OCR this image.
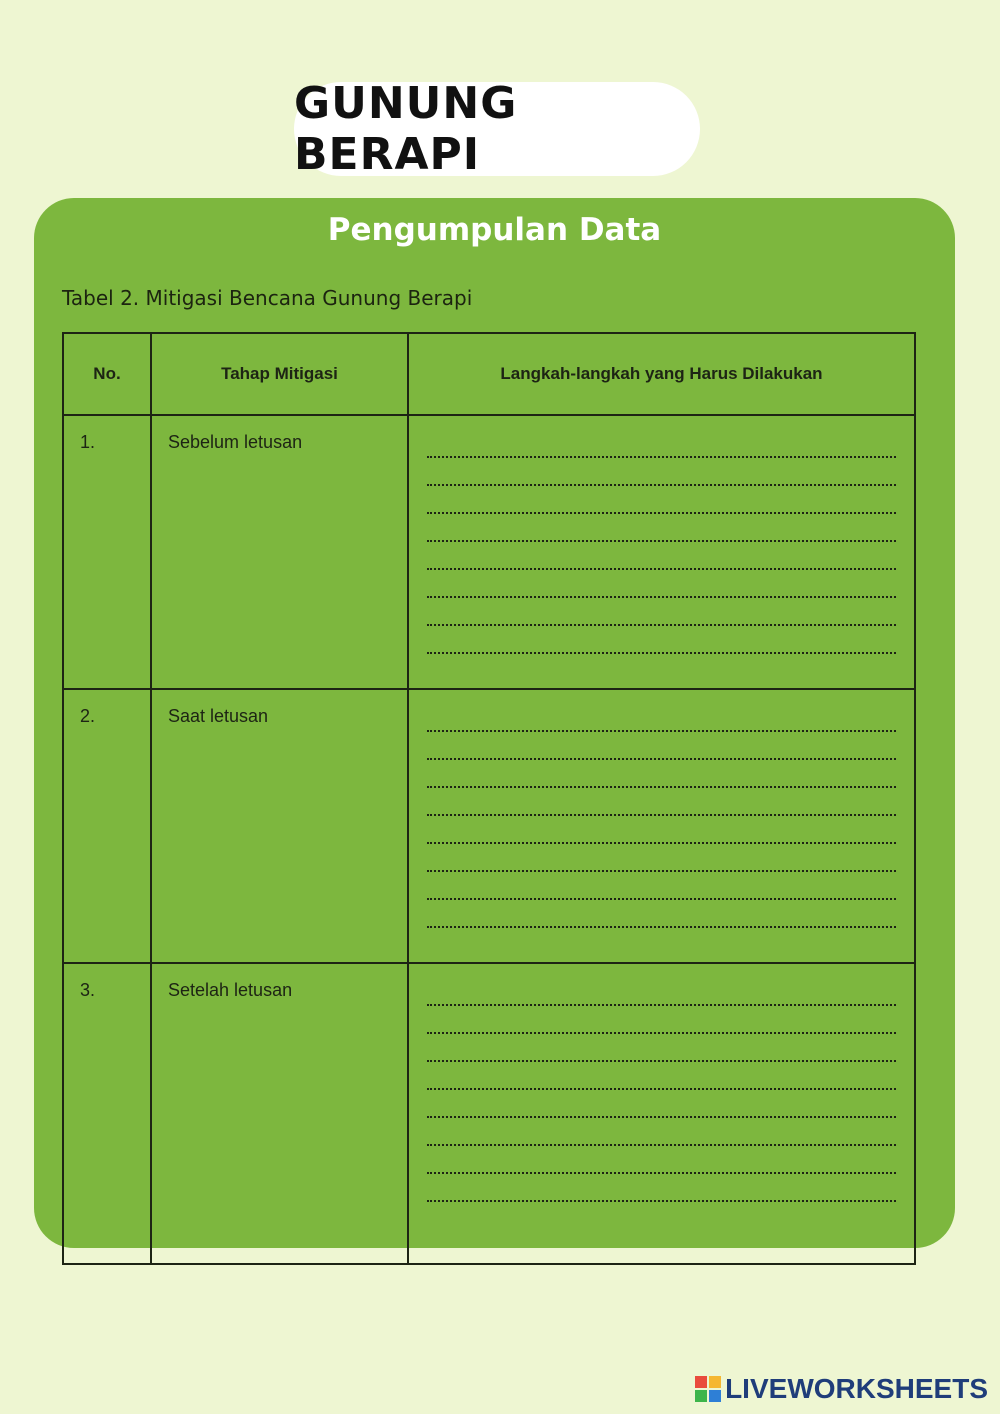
GUNUNG BERAPI
Pengumpulan Data
Tabel 2. Mitigasi Bencana Gunung Berapi
No.	Tahap Mitigasi	Langkah-langkah yang Harus Dilakukan
1.	Sebelum letusan	

2.	Saat letusan	

3.	Setelah letusan	
LIVEWORKSHEETS
